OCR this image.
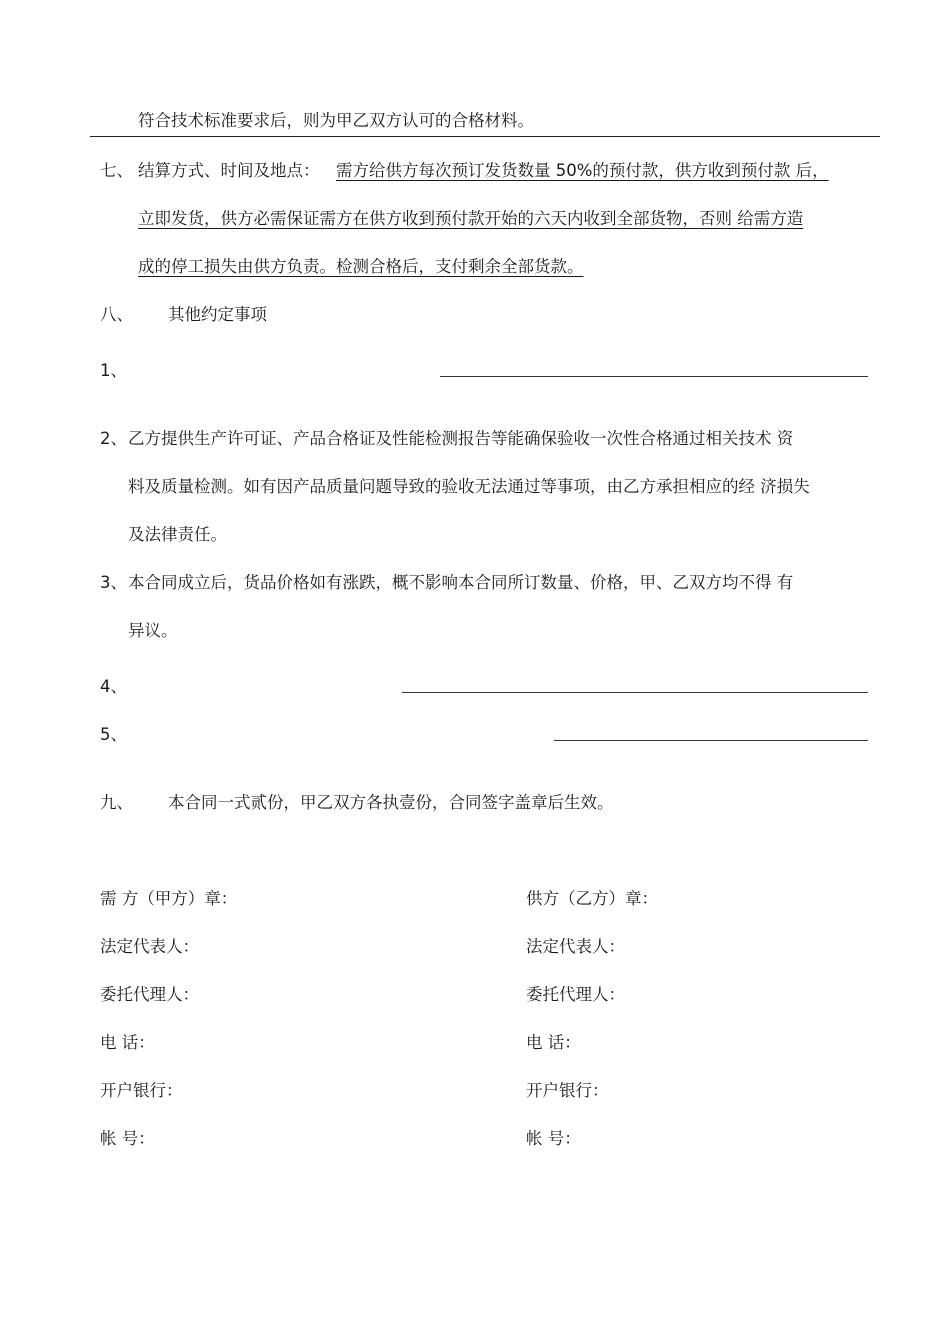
符合技术标准要求后，则为甲乙双方认可的合格材料。
七、 结算方式、时间及地点： 需方给供方每次预订发货数量 50%的预付款，供方收到预付款 后，
立即发货，供方必需保证需方在供方收到预付款开始的六天内收到全部货物，否则 给需方造
成的停工损失由供方负责。检测合格后，支付剩余全部货款。
八、 其他约定事项
1、
2、 乙方提供生产许可证、产品合格证及性能检测报告等能确保验收一次性合格通过相关技术 资
料及质量检测。如有因产品质量问题导致的验收无法通过等事项，由乙方承担相应的经 济损失
及法律责任。
3、 本合同成立后，货品价格如有涨跌，概不影响本合同所订数量、价格，甲、乙双方均不得 有
异议。
4、
5、
九、 本合同一式贰份，甲乙双方各执壹份，合同签字盖章后生效。
需 方（甲方）章：
法定代表人：
委托代理人：
电 话：
开户银行：
帐 号：
供方（乙方）章：
法定代表人：
委托代理人：
电 话：
开户银行：
帐 号：
